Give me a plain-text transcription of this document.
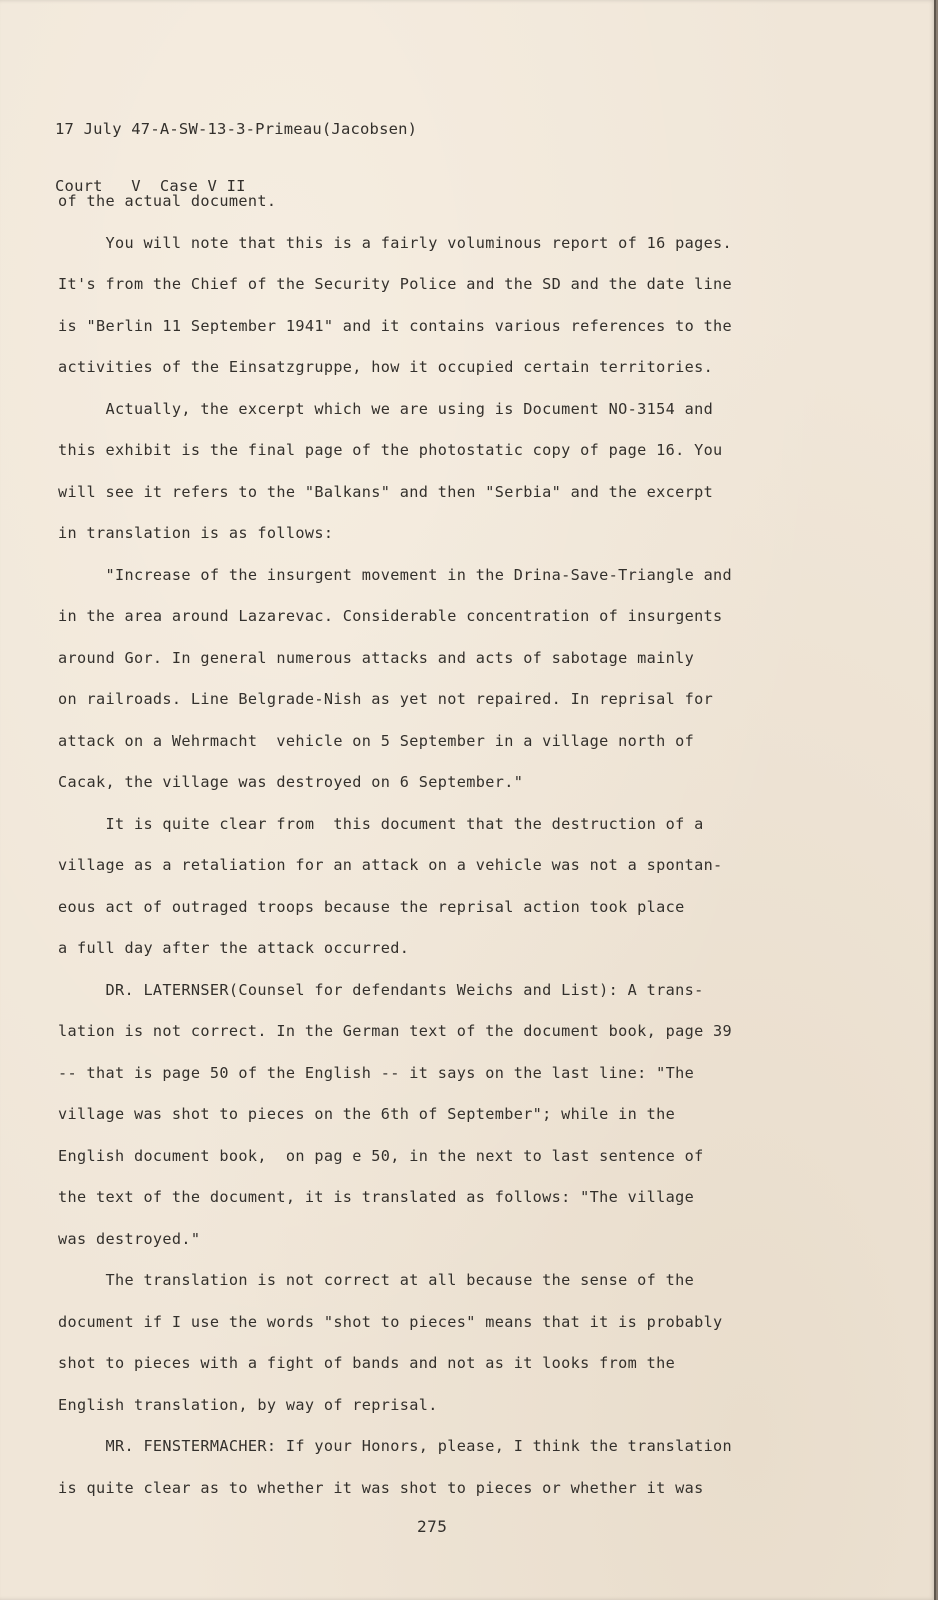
17 July 47-A-SW-13-3-Primeau(Jacobsen)

Court   V  Case V II

of the actual document.
You will note that this is a fairly voluminous report of 16 pages.
It's from the Chief of the Security Police and the SD and the date line
is "Berlin 11 September 1941" and it contains various references to the
activities of the Einsatzgruppe, how it occupied certain territories.
Actually, the excerpt which we are using is Document NO-3154 and
this exhibit is the final page of the photostatic copy of page 16. You
will see it refers to the "Balkans" and then "Serbia" and the excerpt
in translation is as follows:
"Increase of the insurgent movement in the Drina-Save-Triangle and
in the area around Lazarevac. Considerable concentration of insurgents
around Gor. In general numerous attacks and acts of sabotage mainly
on railroads. Line Belgrade-Nish as yet not repaired. In reprisal for
attack on a Wehrmacht  vehicle on 5 September in a village north of
Cacak, the village was destroyed on 6 September."
It is quite clear from  this document that the destruction of a
village as a retaliation for an attack on a vehicle was not a spontan-
eous act of outraged troops because the reprisal action took place
a full day after the attack occurred.
DR. LATERNSER(Counsel for defendants Weichs and List): A trans-
lation is not correct. In the German text of the document book, page 39
-- that is page 50 of the English -- it says on the last line: "The
village was shot to pieces on the 6th of September"; while in the
English document book,  on pag e 50, in the next to last sentence of
the text of the document, it is translated as follows: "The village
was destroyed."
The translation is not correct at all because the sense of the
document if I use the words "shot to pieces" means that it is probably
shot to pieces with a fight of bands and not as it looks from the
English translation, by way of reprisal.
MR. FENSTERMACHER: If your Honors, please, I think the translation
is quite clear as to whether it was shot to pieces or whether it was
275
